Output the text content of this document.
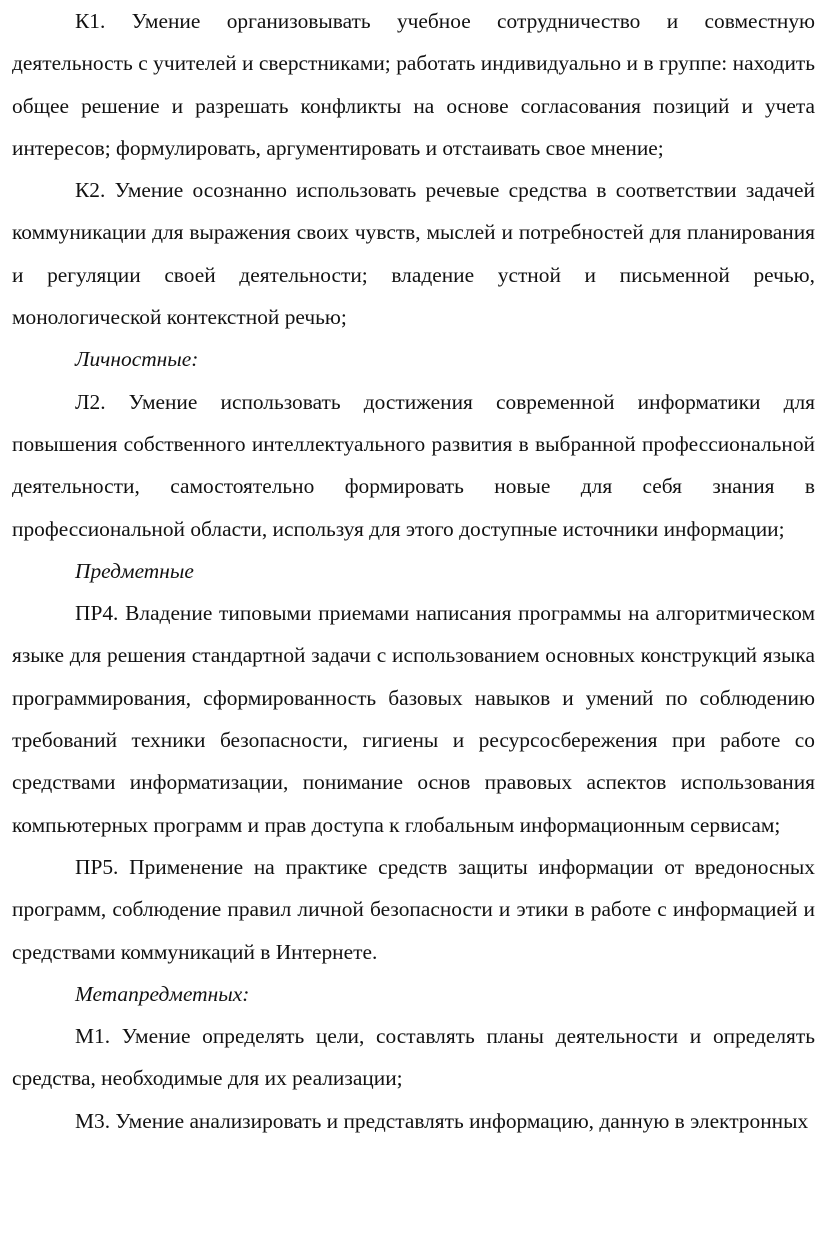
К1. Умение организовывать учебное сотрудничество и совместную деятельность с учителей и сверстниками; работать индивидуально и в группе: находить общее решение и разрешать конфликты на основе согласования позиций и учета интересов; формулировать, аргументировать и отстаивать свое мнение;

К2. Умение осознанно использовать речевые средства в соответствии задачей коммуникации для выражения своих чувств, мыслей и потребностей для планирования и регуляции своей деятельности; владение устной и письменной речью, монологической контекстной речью;

Личностные:

Л2. Умение использовать достижения современной информатики для повышения собственного интеллектуального развития в выбранной профессиональной деятельности, самостоятельно формировать новые для себя знания в профессиональной области, используя для этого доступные источники информации;

Предметные

ПР4. Владение типовыми приемами написания программы на алгоритмическом языке для решения стандартной задачи с использованием основных конструкций языка программирования, сформированность базовых навыков и умений по соблюдению требований техники безопасности, гигиены и ресурсосбережения при работе со средствами информатизации, понимание основ правовых аспектов использования компьютерных программ и прав доступа к глобальным информационным сервисам;

ПР5. Применение на практике средств защиты информации от вредоносных программ, соблюдение правил личной безопасности и этики в работе с информацией и средствами коммуникаций в Интернете.

Метапредметных:

М1. Умение определять цели, составлять планы деятельности и определять средства, необходимые для их реализации;

М3. Умение анализировать и представлять информацию, данную в электронных
